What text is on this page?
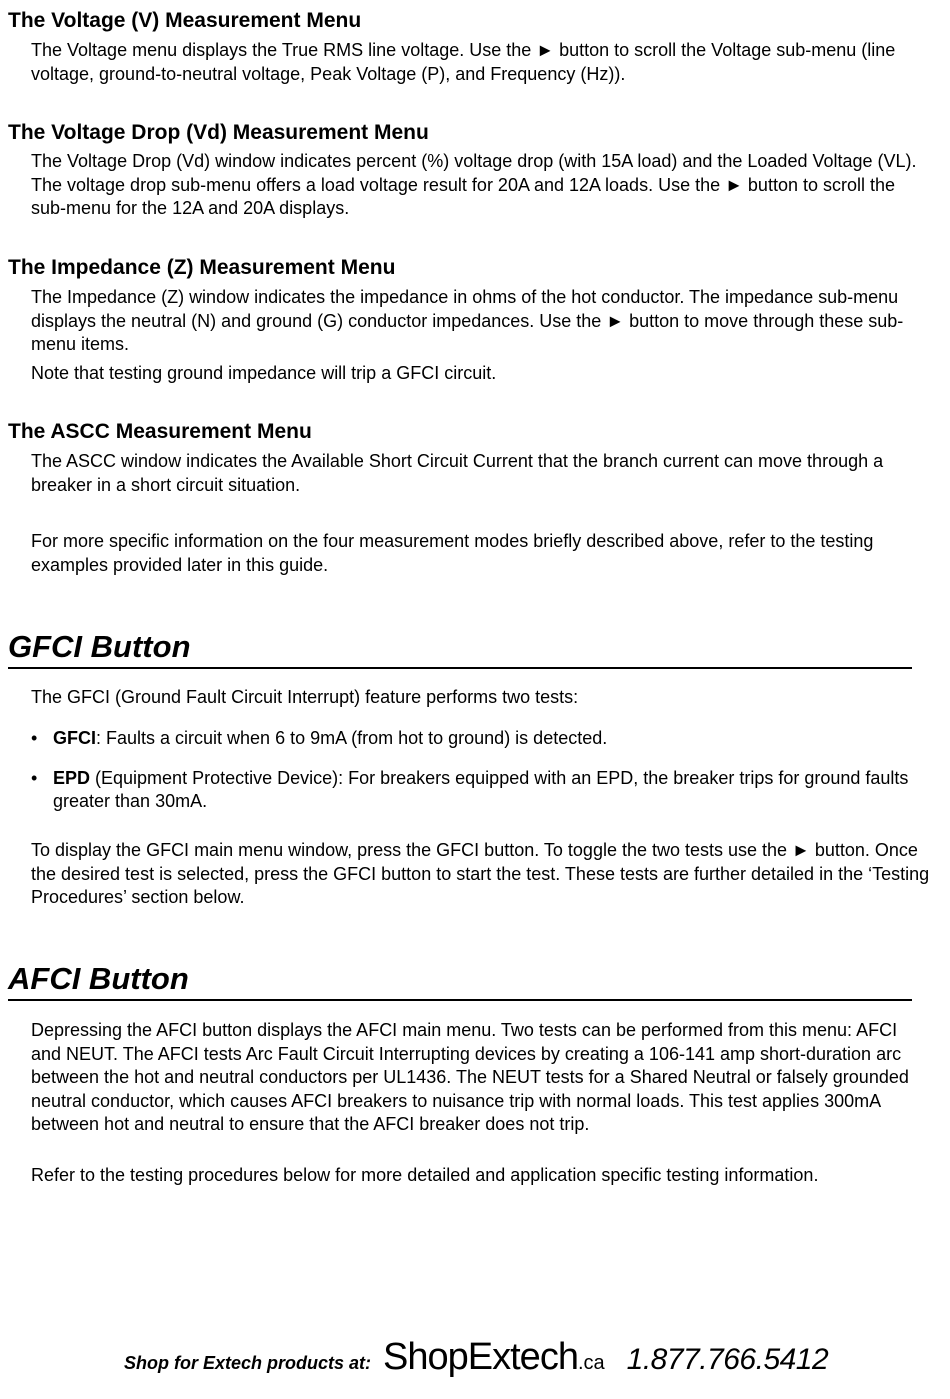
The Voltage (V) Measurement Menu

The Voltage menu displays the True RMS line voltage. Use the ► button to scroll the Voltage sub-menu (line voltage, ground-to-neutral voltage, Peak Voltage (P), and Frequency (Hz)).

The Voltage Drop (Vd) Measurement Menu

The Voltage Drop (Vd) window indicates percent (%) voltage drop (with 15A load) and the Loaded Voltage (VL). The voltage drop sub-menu offers a load voltage result for 20A and 12A loads. Use the ► button to scroll the sub-menu for the 12A and 20A displays.

The Impedance (Z) Measurement Menu

The Impedance (Z) window indicates the impedance in ohms of the hot conductor. The impedance sub-menu displays the neutral (N) and ground (G) conductor impedances. Use the ► button to move through these sub-menu items.

Note that testing ground impedance will trip a GFCI circuit.

The ASCC Measurement Menu

The ASCC window indicates the Available Short Circuit Current that the branch current can move through a breaker in a short circuit situation.

For more specific information on the four measurement modes briefly described above, refer to the testing examples provided later in this guide.

GFCI Button

The GFCI (Ground Fault Circuit Interrupt) feature performs two tests:

• GFCI: Faults a circuit when 6 to 9mA (from hot to ground) is detected.
• EPD (Equipment Protective Device): For breakers equipped with an EPD, the breaker trips for ground faults greater than 30mA.

To display the GFCI main menu window, press the GFCI button. To toggle the two tests use the ► button. Once the desired test is selected, press the GFCI button to start the test. These tests are further detailed in the ‘Testing Procedures’ section below.

AFCI Button

Depressing the AFCI button displays the AFCI main menu. Two tests can be performed from this menu: AFCI and NEUT. The AFCI tests Arc Fault Circuit Interrupting devices by creating a 106-141 amp short-duration arc between the hot and neutral conductors per UL1436. The NEUT tests for a Shared Neutral or falsely grounded neutral conductor, which causes AFCI breakers to nuisance trip with normal loads. This test applies 300mA between hot and neutral to ensure that the AFCI breaker does not trip.

Refer to the testing procedures below for more detailed and application specific testing information.

Shop for Extech products at: ShopExtech .ca 1.877.766.5412
